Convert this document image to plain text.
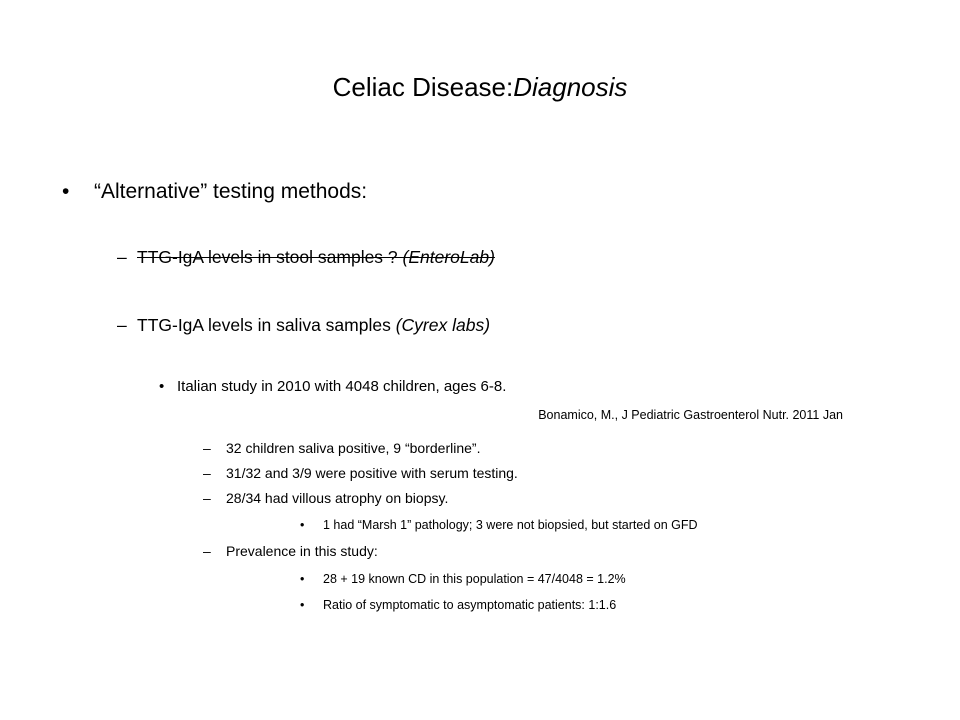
Celiac Disease:Diagnosis
• “Alternative” testing methods:
– TTG-IgA levels in stool samples ? (EnteroLab)
– TTG-IgA levels in saliva samples (Cyrex labs)
• Italian study in 2010 with 4048 children, ages 6-8.
Bonamico, M., J Pediatric Gastroenterol Nutr. 2011 Jan
– 32 children saliva positive, 9 “borderline”.
– 31/32 and 3/9 were positive with serum testing.
– 28/34 had villous atrophy on biopsy.
• 1 had “Marsh 1” pathology; 3 were not biopsied, but started on GFD
– Prevalence in this study:
• 28 + 19 known CD in this population = 47/4048 = 1.2%
• Ratio of symptomatic to asymptomatic patients: 1:1.6
